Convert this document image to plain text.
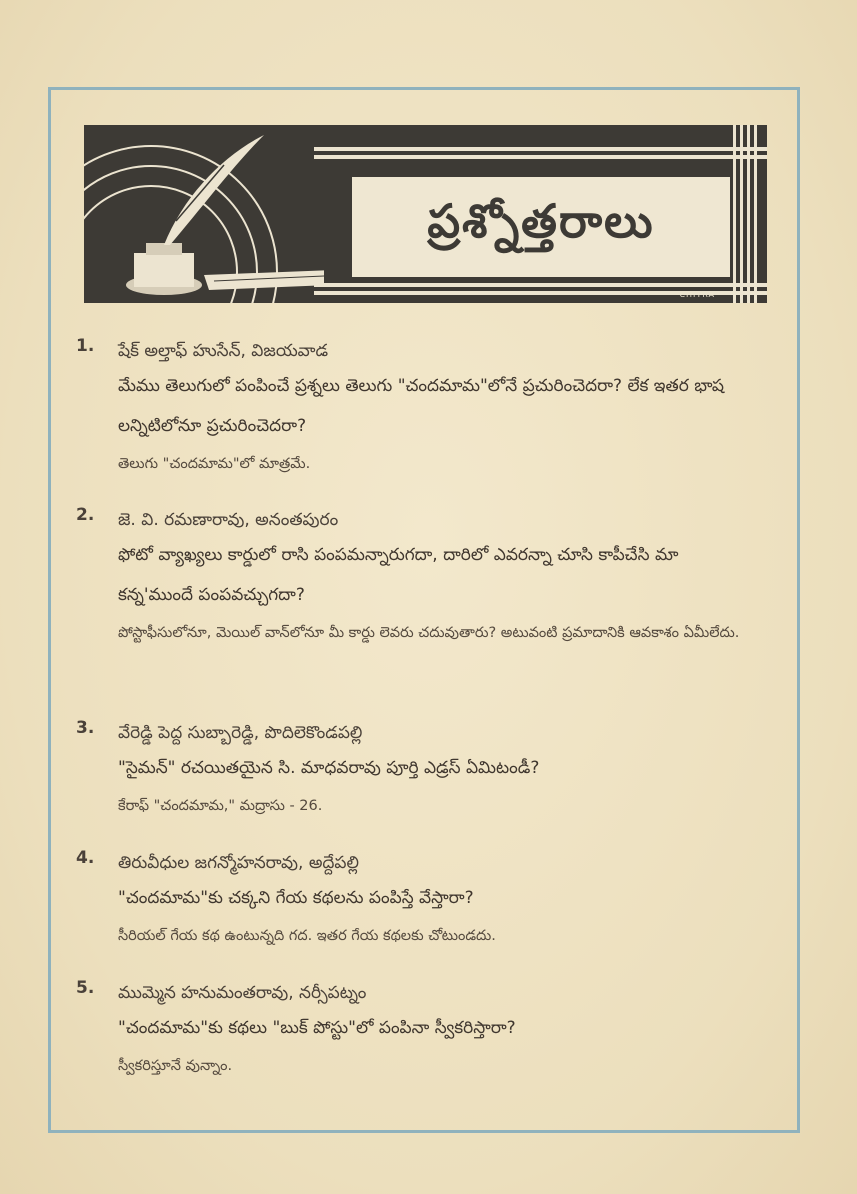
ప్రశ్నోత్తరాలు
CHITRA
1. షేక్ అల్తాఫ్ హుసేన్, విజయవాడ
మేము తెలుగులో పంపించే ప్రశ్నలు తెలుగు "చందమామ"లోనే ప్రచురించెదరా? లేక ఇతర భాష లన్నిటిలోనూ ప్రచురించెదరా?
తెలుగు "చందమామ"లో మాత్రమే.
2. జె. వి. రమణారావు, అనంతపురం
ఫోటో వ్యాఖ్యలు కార్డులో రాసి పంపమన్నారుగదా, దారిలో ఎవరన్నా చూసి కాపీచేసి మా కన్న'ముందే పంపవచ్చుగదా?
పోస్టాఫీసులోనూ, మెయిల్ వాన్‌లోనూ మీ కార్డు లెవరు చదువుతారు? అటువంటి ప్రమాదానికి ఆవకాశం ఏమీలేదు.
3. వేరెడ్డి పెద్ద సుబ్బారెడ్డి, పొదిలెకొండపల్లి
"సైమన్" రచయితయైన సి. మాధవరావు పూర్తి ఎడ్రస్ ఏమిటండీ?
కేరాఫ్ "చందమామ," మద్రాసు - 26.
4. తిరువీధుల జగన్మోహనరావు, అద్దేపల్లి
"చందమామ"కు చక్కని గేయ కథలను పంపిస్తే వేస్తారా?
సీరియల్ గేయ కథ ఉంటున్నది గద. ఇతర గేయ కథలకు చోటుండదు.
5. ముమ్మెన హనుమంతరావు, నర్సీపట్నం
"చందమామ"కు కథలు "బుక్ పోస్టు"లో పంపినా స్వీకరిస్తారా?
స్వీకరిస్తూనే వున్నాం.
